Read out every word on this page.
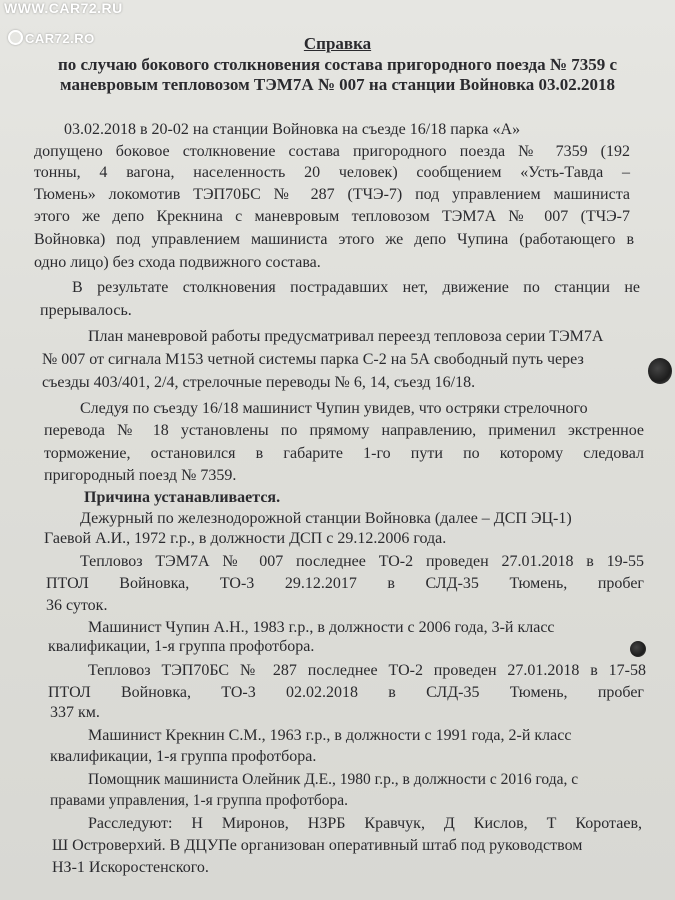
WWW.CAR72.RU
CAR72.RO	Справка
по случаю бокового столкновения состава пригородного поезда № 7359 с
маневровым тепловозом ТЭМ7А № 007 на станции Войновка 03.02.2018
03.02.2018 в 20-02 на станции Войновка на съезде 16/18 парка «А»
допущено боковое столкновение состава пригородного поезда № 7359 (192
тонны, 4 вагона, населенность 20 человек) сообщением «Усть-Тавда –
Тюмень» локомотив ТЭП70БС № 287 (ТЧЭ-7) под управлением машиниста
этого же депо Крекнина с маневровым тепловозом ТЭМ7А № 007 (ТЧЭ-7
Войновка) под управлением машиниста этого же депо Чупина (работающего в
одно лицо) без схода подвижного состава.
В результате столкновения пострадавших нет, движение по станции не
прерывалось.
План маневровой работы предусматривал переезд тепловоза серии ТЭМ7А
№ 007 от сигнала М153 четной системы парка С-2 на 5А свободный путь через
съезды 403/401, 2/4, стрелочные переводы № 6, 14, съезд 16/18.
Следуя по съезду 16/18 машинист Чупин увидев, что остряки стрелочного
перевода № 18 установлены по прямому направлению, применил экстренное
торможение, остановился в габарите 1-го пути по которому следовал
пригородный поезд № 7359.
Причина устанавливается.
Дежурный по железнодорожной станции Войновка (далее – ДСП ЭЦ-1)
Гаевой А.И., 1972 г.р., в должности ДСП с 29.12.2006 года.
Тепловоз ТЭМ7А № 007 последнее ТО-2 проведен 27.01.2018 в 19-55
ПТОЛ Войновка, ТО-3 29.12.2017 в СЛД-35 Тюмень, пробег
36 суток.
Машинист Чупин А.Н., 1983 г.р., в должности с 2006 года, 3-й класс
квалификации, 1-я группа профотбора.
Тепловоз ТЭП70БС № 287 последнее ТО-2 проведен 27.01.2018 в 17-58
ПТОЛ Войновка, ТО-3 02.02.2018 в СЛД-35 Тюмень, пробег
337 км.
Машинист Крекнин С.М., 1963 г.р., в должности с 1991 года, 2-й класс
квалификации, 1-я группа профотбора.
Помощник машиниста Олейник Д.Е., 1980 г.р., в должности с 2016 года, с
правами управления, 1-я группа профотбора.
Расследуют: Н Миронов, НЗРБ Кравчук, Д Кислов, Т Коротаев,
Ш Островерхий. В ДЦУПе организован оперативный штаб под руководством
НЗ-1 Искоростенского.
